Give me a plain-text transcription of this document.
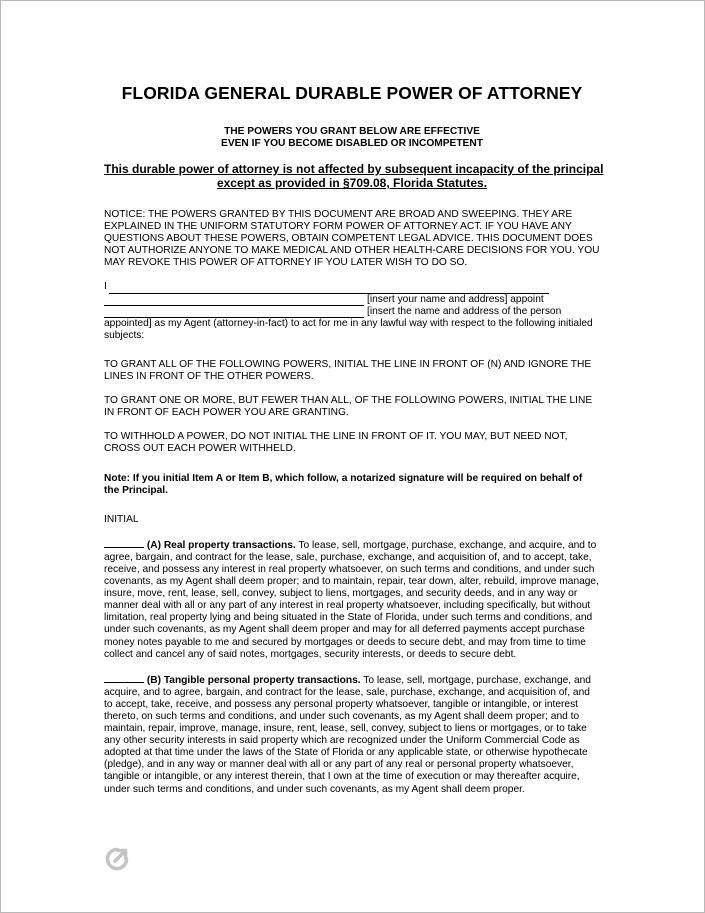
FLORIDA GENERAL DURABLE POWER OF ATTORNEY
THE POWERS YOU GRANT BELOW ARE EFFECTIVE
EVEN IF YOU BECOME DISABLED OR INCOMPETENT
This durable power of attorney is not affected by subsequent incapacity of the principal
except as provided in §709.08, Florida Statutes.

NOTICE: THE POWERS GRANTED BY THIS DOCUMENT ARE BROAD AND SWEEPING. THEY ARE EXPLAINED IN THE UNIFORM STATUTORY FORM POWER OF ATTORNEY ACT. IF YOU HAVE ANY QUESTIONS ABOUT THESE POWERS, OBTAIN COMPETENT LEGAL ADVICE. THIS DOCUMENT DOES NOT AUTHORIZE ANYONE TO MAKE MEDICAL AND OTHER HEALTH-CARE DECISIONS FOR YOU. YOU MAY REVOKE THIS POWER OF ATTORNEY IF YOU LATER WISH TO DO SO.

I
[insert your name and address] appoint
[insert the name and address of the person

appointed] as my Agent (attorney-in-fact) to act for me in any lawful way with respect to the following initialed subjects:

TO GRANT ALL OF THE FOLLOWING POWERS, INITIAL THE LINE IN FRONT OF (N) AND IGNORE THE LINES IN FRONT OF THE OTHER POWERS.

TO GRANT ONE OR MORE, BUT FEWER THAN ALL, OF THE FOLLOWING POWERS, INITIAL THE LINE IN FRONT OF EACH POWER YOU ARE GRANTING.

TO WITHHOLD A POWER, DO NOT INITIAL THE LINE IN FRONT OF IT. YOU MAY, BUT NEED NOT, CROSS OUT EACH POWER WITHHELD.

Note: If you initial Item A or Item B, which follow, a notarized signature will be required on behalf of the Principal.

INITIAL

(A) Real property transactions. To lease, sell, mortgage, purchase, exchange, and acquire, and to agree, bargain, and contract for the lease, sale, purchase, exchange, and acquisition of, and to accept, take, receive, and possess any interest in real property whatsoever, on such terms and conditions, and under such covenants, as my Agent shall deem proper; and to maintain, repair, tear down, alter, rebuild, improve manage, insure, move, rent, lease, sell, convey, subject to liens, mortgages, and security deeds, and in any way or manner deal with all or any part of any interest in real property whatsoever, including specifically, but without limitation, real property lying and being situated in the State of Florida, under such terms and conditions, and under such covenants, as my Agent shall deem proper and may for all deferred payments accept purchase money notes payable to me and secured by mortgages or deeds to secure debt, and may from time to time collect and cancel any of said notes, mortgages, security interests, or deeds to secure debt.

(B) Tangible personal property transactions. To lease, sell, mortgage, purchase, exchange, and acquire, and to agree, bargain, and contract for the lease, sale, purchase, exchange, and acquisition of, and to accept, take, receive, and possess any personal property whatsoever, tangible or intangible, or interest thereto, on such terms and conditions, and under such covenants, as my Agent shall deem proper; and to maintain, repair, improve, manage, insure, rent, lease, sell, convey, subject to liens or mortgages, or to take any other security interests in said property which are recognized under the Uniform Commercial Code as adopted at that time under the laws of the State of Florida or any applicable state, or otherwise hypothecate (pledge), and in any way or manner deal with all or any part of any real or personal property whatsoever, tangible or intangible, or any interest therein, that I own at the time of execution or may thereafter acquire, under such terms and conditions, and under such covenants, as my Agent shall deem proper.
